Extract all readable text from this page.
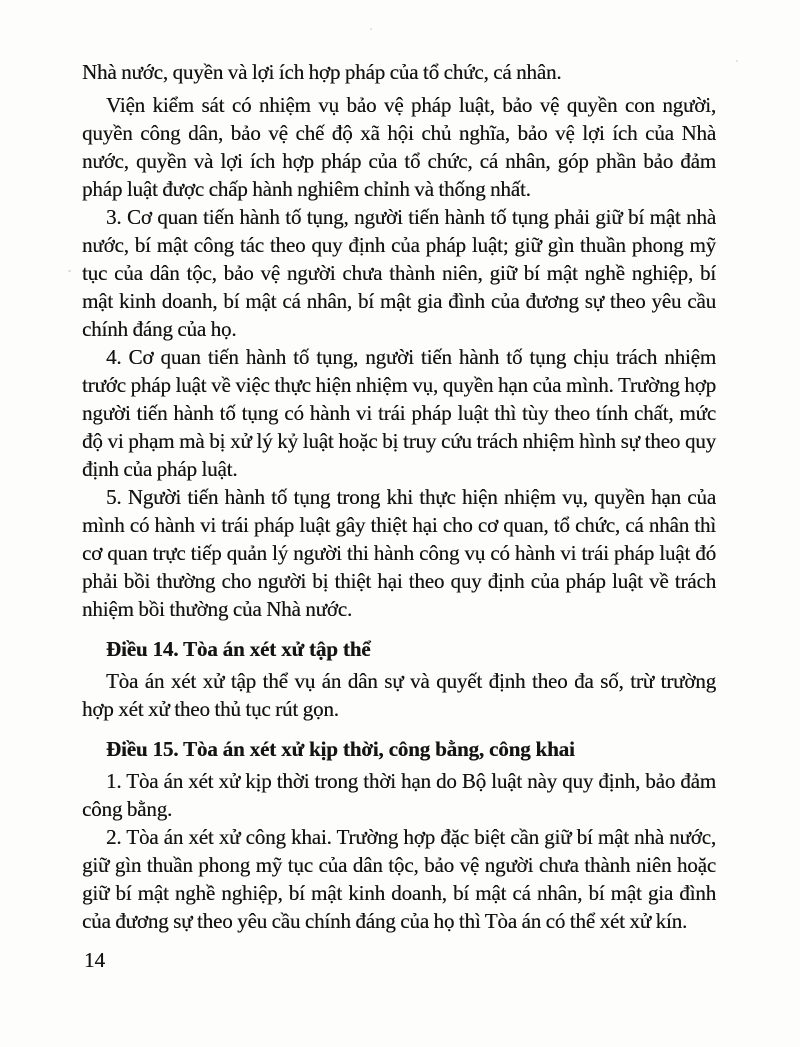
Nhà nước, quyền và lợi ích hợp pháp của tổ chức, cá nhân.

Viện kiểm sát có nhiệm vụ bảo vệ pháp luật, bảo vệ quyền con người, quyền công dân, bảo vệ chế độ xã hội chủ nghĩa, bảo vệ lợi ích của Nhà nước, quyền và lợi ích hợp pháp của tổ chức, cá nhân, góp phần bảo đảm pháp luật được chấp hành nghiêm chỉnh và thống nhất.

3. Cơ quan tiến hành tố tụng, người tiến hành tố tụng phải giữ bí mật nhà nước, bí mật công tác theo quy định của pháp luật; giữ gìn thuần phong mỹ tục của dân tộc, bảo vệ người chưa thành niên, giữ bí mật nghề nghiệp, bí mật kinh doanh, bí mật cá nhân, bí mật gia đình của đương sự theo yêu cầu chính đáng của họ.

4. Cơ quan tiến hành tố tụng, người tiến hành tố tụng chịu trách nhiệm trước pháp luật về việc thực hiện nhiệm vụ, quyền hạn của mình. Trường hợp người tiến hành tố tụng có hành vi trái pháp luật thì tùy theo tính chất, mức độ vi phạm mà bị xử lý kỷ luật hoặc bị truy cứu trách nhiệm hình sự theo quy định của pháp luật.

5. Người tiến hành tố tụng trong khi thực hiện nhiệm vụ, quyền hạn của mình có hành vi trái pháp luật gây thiệt hại cho cơ quan, tổ chức, cá nhân thì cơ quan trực tiếp quản lý người thi hành công vụ có hành vi trái pháp luật đó phải bồi thường cho người bị thiệt hại theo quy định của pháp luật về trách nhiệm bồi thường của Nhà nước.

Điều 14. Tòa án xét xử tập thể

Tòa án xét xử tập thể vụ án dân sự và quyết định theo đa số, trừ trường hợp xét xử theo thủ tục rút gọn.

Điều 15. Tòa án xét xử kịp thời, công bằng, công khai

1. Tòa án xét xử kịp thời trong thời hạn do Bộ luật này quy định, bảo đảm công bằng.

2. Tòa án xét xử công khai. Trường hợp đặc biệt cần giữ bí mật nhà nước, giữ gìn thuần phong mỹ tục của dân tộc, bảo vệ người chưa thành niên hoặc giữ bí mật nghề nghiệp, bí mật kinh doanh, bí mật cá nhân, bí mật gia đình của đương sự theo yêu cầu chính đáng của họ thì Tòa án có thể xét xử kín.

14
